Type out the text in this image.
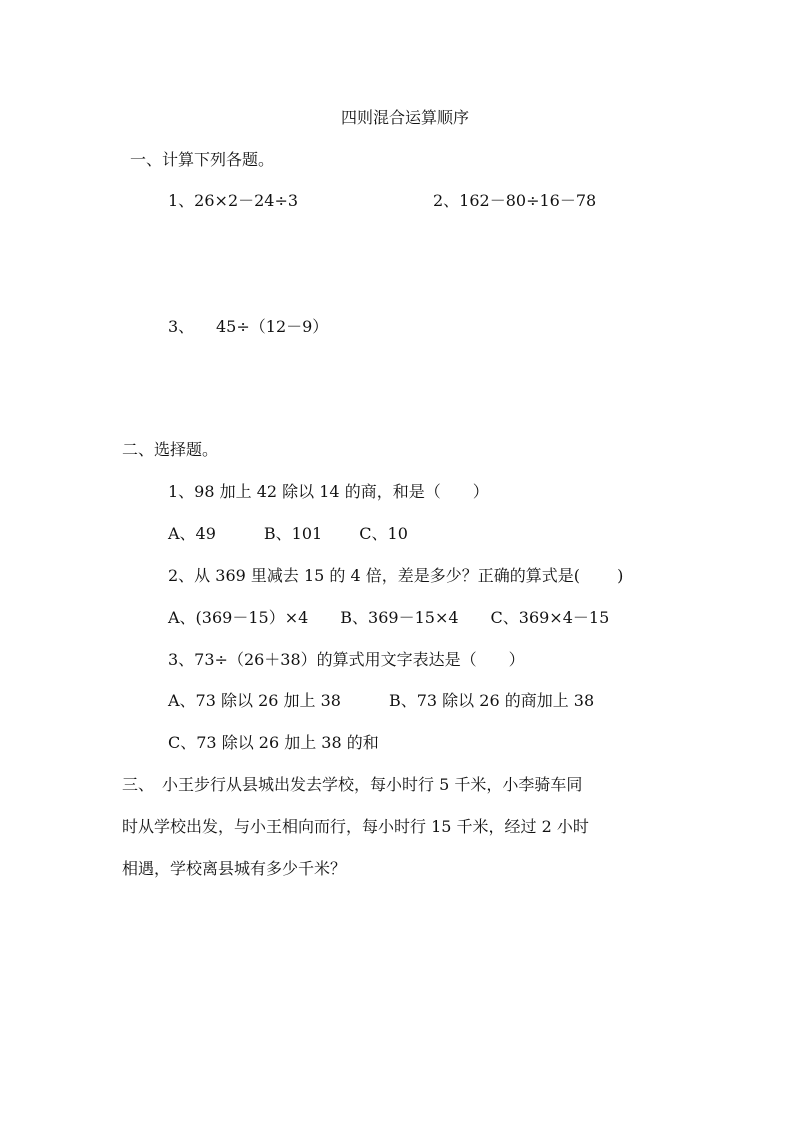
四则混合运算顺序
一、计算下列各题。
1、26×2－24÷3	2、162－80÷16－78
3、 45÷（12－9）
二、选择题。
1、98 加上 42 除以 14 的商，和是（　　）
A、49　　　B、101　　 C、10
2、从 369 里减去 15 的 4 倍，差是多少？正确的算式是(　　 )
A、(369－15）×4　　B、369－15×4　　C、369×4－15
3、73÷（26＋38）的算式用文字表达是（　　）
A、73 除以 26 加上 38　　　B、73 除以 26 的商加上 38
C、73 除以 26 加上 38 的和
三、　小王步行从县城出发去学校，每小时行 5 千米，小李骑车同
时从学校出发，与小王相向而行，每小时行 15 千米，经过 2 小时
相遇，学校离县城有多少千米？
